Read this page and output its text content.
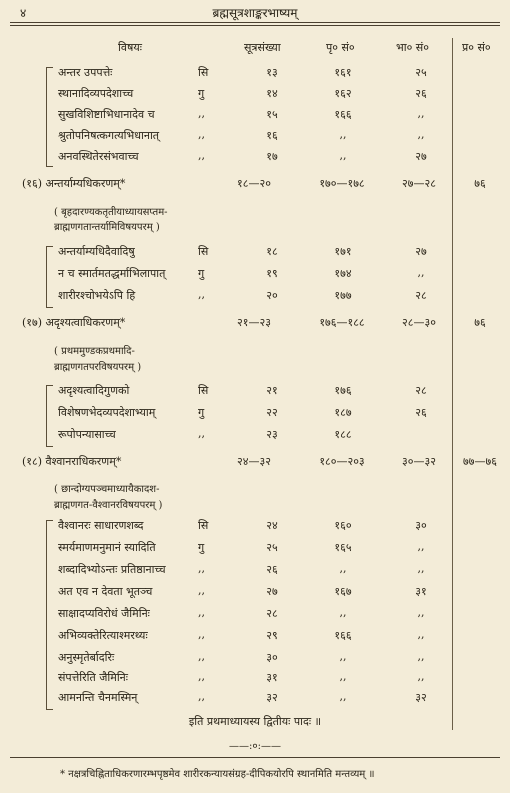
४	ब्रह्मसूत्रशाङ्करभाष्यम्
विषयः	सूत्रसंख्या	पृ० सं०	भा० सं०	प्र० सं०
अन्तर उपपत्तेः	सि	१३	१६१	२५
स्थानादिव्यपदेशाच्च	गु	१४	१६२	२६
सुखविशिष्टाभिधानादेव च	,,	१५	१६६	,,
श्रुतोपनिषत्कगत्यभिधानात्	,,	१६	,,	,,
अनवस्थितेरसंभवाच्च	,,	१७	,,	२७
(१६) अन्तर्याम्यधिकरणम्*	१८—२०	१७०—१७८	२७—२८	७६
( बृहदारण्यकतृतीयाध्यायसप्तम-
ब्राह्मणगतान्तर्यामिविषयपरम् )
अन्तर्याम्यधिदैवादिषु	सि	१८	१७१	२७
न च स्मार्तमतद्धर्माभिलापात्	गु	१९	१७४	,,
शारीरश्चोभयेऽपि हि	,,	२०	१७७	२८
(१७) अदृश्यत्वाधिकरणम्*	२१—२३	१७६—१८८	२८—३०	७६
( प्रथममुण्डकप्रथमादि-
ब्राह्मणगतपरविषयपरम् )
अदृश्यत्वादिगुणको	सि	२१	१७६	२८
विशेषणभेदव्यपदेशाभ्याम्	गु	२२	१८७	२६
रूपोपन्यासाच्च	,,	२३	१८८
(१८) वैश्वानराधिकरणम्*	२४—३२	१८०—२०३	३०—३२	७७—७६
( छान्दोग्यपञ्चमाध्यायैकादश-
ब्राह्मणगत-वैश्वानरविषयपरम् )
वैश्वानरः साधारणशब्द	सि	२४	१६०	३०
स्मर्यमाणमनुमानं स्यादिति	गु	२५	१६५	,,
शब्दादिभ्योऽन्तः प्रतिष्ठानाच्च	,,	२६	,,	,,
अत एव न देवता भूतञ्च	,,	२७	१६७	३१
साक्षादप्यविरोधं जैमिनिः	,,	२८	,,	,,
अभिव्यक्तेरित्याश्मरथ्यः	,,	२९	१६६	,,
अनुस्मृतेर्बादरिः	,,	३०	,,	,,
संपत्तेरिति जैमिनिः	,,	३१	,,	,,
आमनन्ति चैनमस्मिन्	,,	३२	,,	३२
इति प्रथमाध्यायस्य द्वितीयः पादः ॥
——:०:——
* नक्षत्रचिह्निताधिकरणारम्भपृष्ठमेव शारीरकन्यायसंग्रह-दीपिकयोरपि स्थानमिति मन्तव्यम् ॥
